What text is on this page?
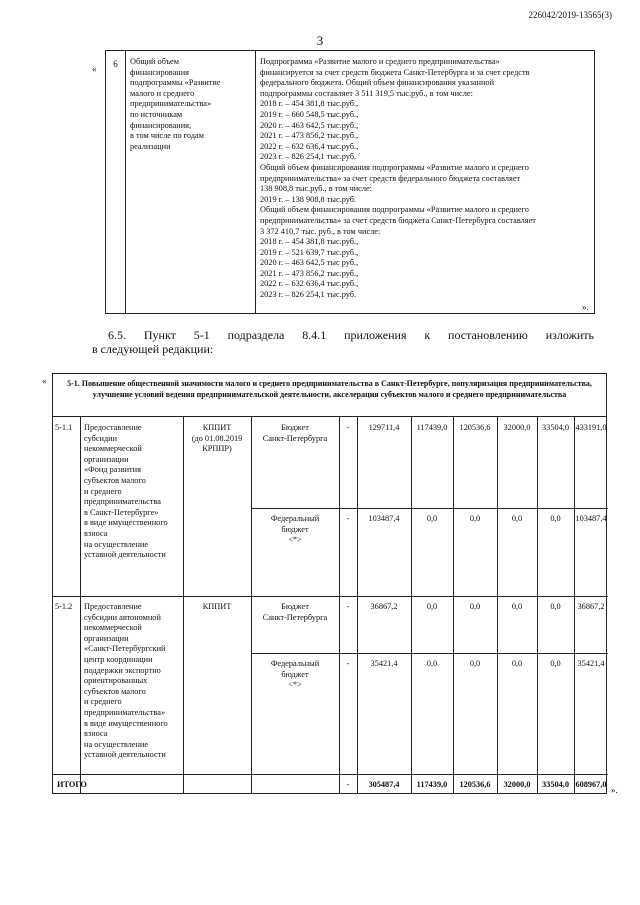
226042/2019-13565(3)
3
«	6	Общий объем
финансирования
подпрограммы «Развитие
малого и среднего
предпринимательства»
по источникам
финансирования,
в том числе по годам
реализации
Подпрограмма «Развитие малого и среднего предпринимательства»
финансируется за счет средств бюджета Санкт-Петербурга и за счет средств
федерального бюджета. Общий объем финансирования указанной
подпрограммы составляет 3 511 319,5 тыс.руб., в том числе:
2018 г. – 454 381,8 тыс.руб.,
2019 г. – 660 548,5 тыс.руб.,
2020 г. – 463 642,5 тыс.руб.,
2021 г. – 473 856,2 тыс.руб.,
2022 г. – 632 636,4 тыс.руб.,
2023 г. – 826 254,1 тыс.руб.
Общий объем финансирования подпрограммы «Развитие малого и среднего
предпринимательства» за счет средств федерального бюджета составляет
138 908,8 тыс.руб., в том числе:
2019 г. – 138 908,8 тыс.руб.
Общий объем финансирования подпрограммы «Развитие малого и среднего
предпринимательства» за счет средств бюджета Санкт-Петербурга составляет
3 372 410,7 тыс. руб., в том числе:
2018 г. – 454 381,8 тыс.руб.,
2019 г. – 521 639,7 тыс.руб.,
2020 г. – 463 642,5 тыс руб.,
2021 г. – 473 856,2 тыс.руб.,
2022 г. – 632 636,4 тыс.руб.,
2023 г. – 826 254,1 тыс.руб.
».
6.5. Пункт 5-1 подраздела 8.4.1 приложения к постановлению изложить
в следующей редакции:
«	5-1. Повышение общественной значимости малого и среднего предпринимательства в Санкт-Петербурге, популяризация предпринимательства, улучшение условий ведения предпринимательской деятельности, акселерация субъектов малого и среднего предпринимательства
5-1.1	Предоставление
субсидии
некоммерческой
организации
«Фонд развития
субъектов малого
и среднего
предпринимательства
в Санкт-Петербурге»
в виде имущественного
взноса
на осуществление
уставной деятельности
КППИТ
(до 01.08.2019
КРППР)
Бюджет
Санкт-Петербурга
-	129711,4	117439,0	120536,6	32000,0	33504,0 433191,0
Федеральный
бюджет
<*>
-	103487,4	0,0	0,0	0,0	0,0	103487,4
5-1.2	Предоставление
субсидии автономной
некоммерческой
организации
«Санкт-Петербургский
центр координации
поддержки экспортно
ориентированных
субъектов малого
и среднего
предпринимательства»
в виде имущественного
взноса
на осуществление
уставной деятельности
КППИТ	Бюджет
Санкт-Петербурга
-	36867,2	0,0	0,0	0,0	0,0	36867,2
Федеральный
бюджет
<*>
-	35421,4	0,0	0,0	0,0	0,0	35421,4
ИТОГО	-	305487,4	117439,0	120536,6	32000,0	33504,0 608967,0
».
